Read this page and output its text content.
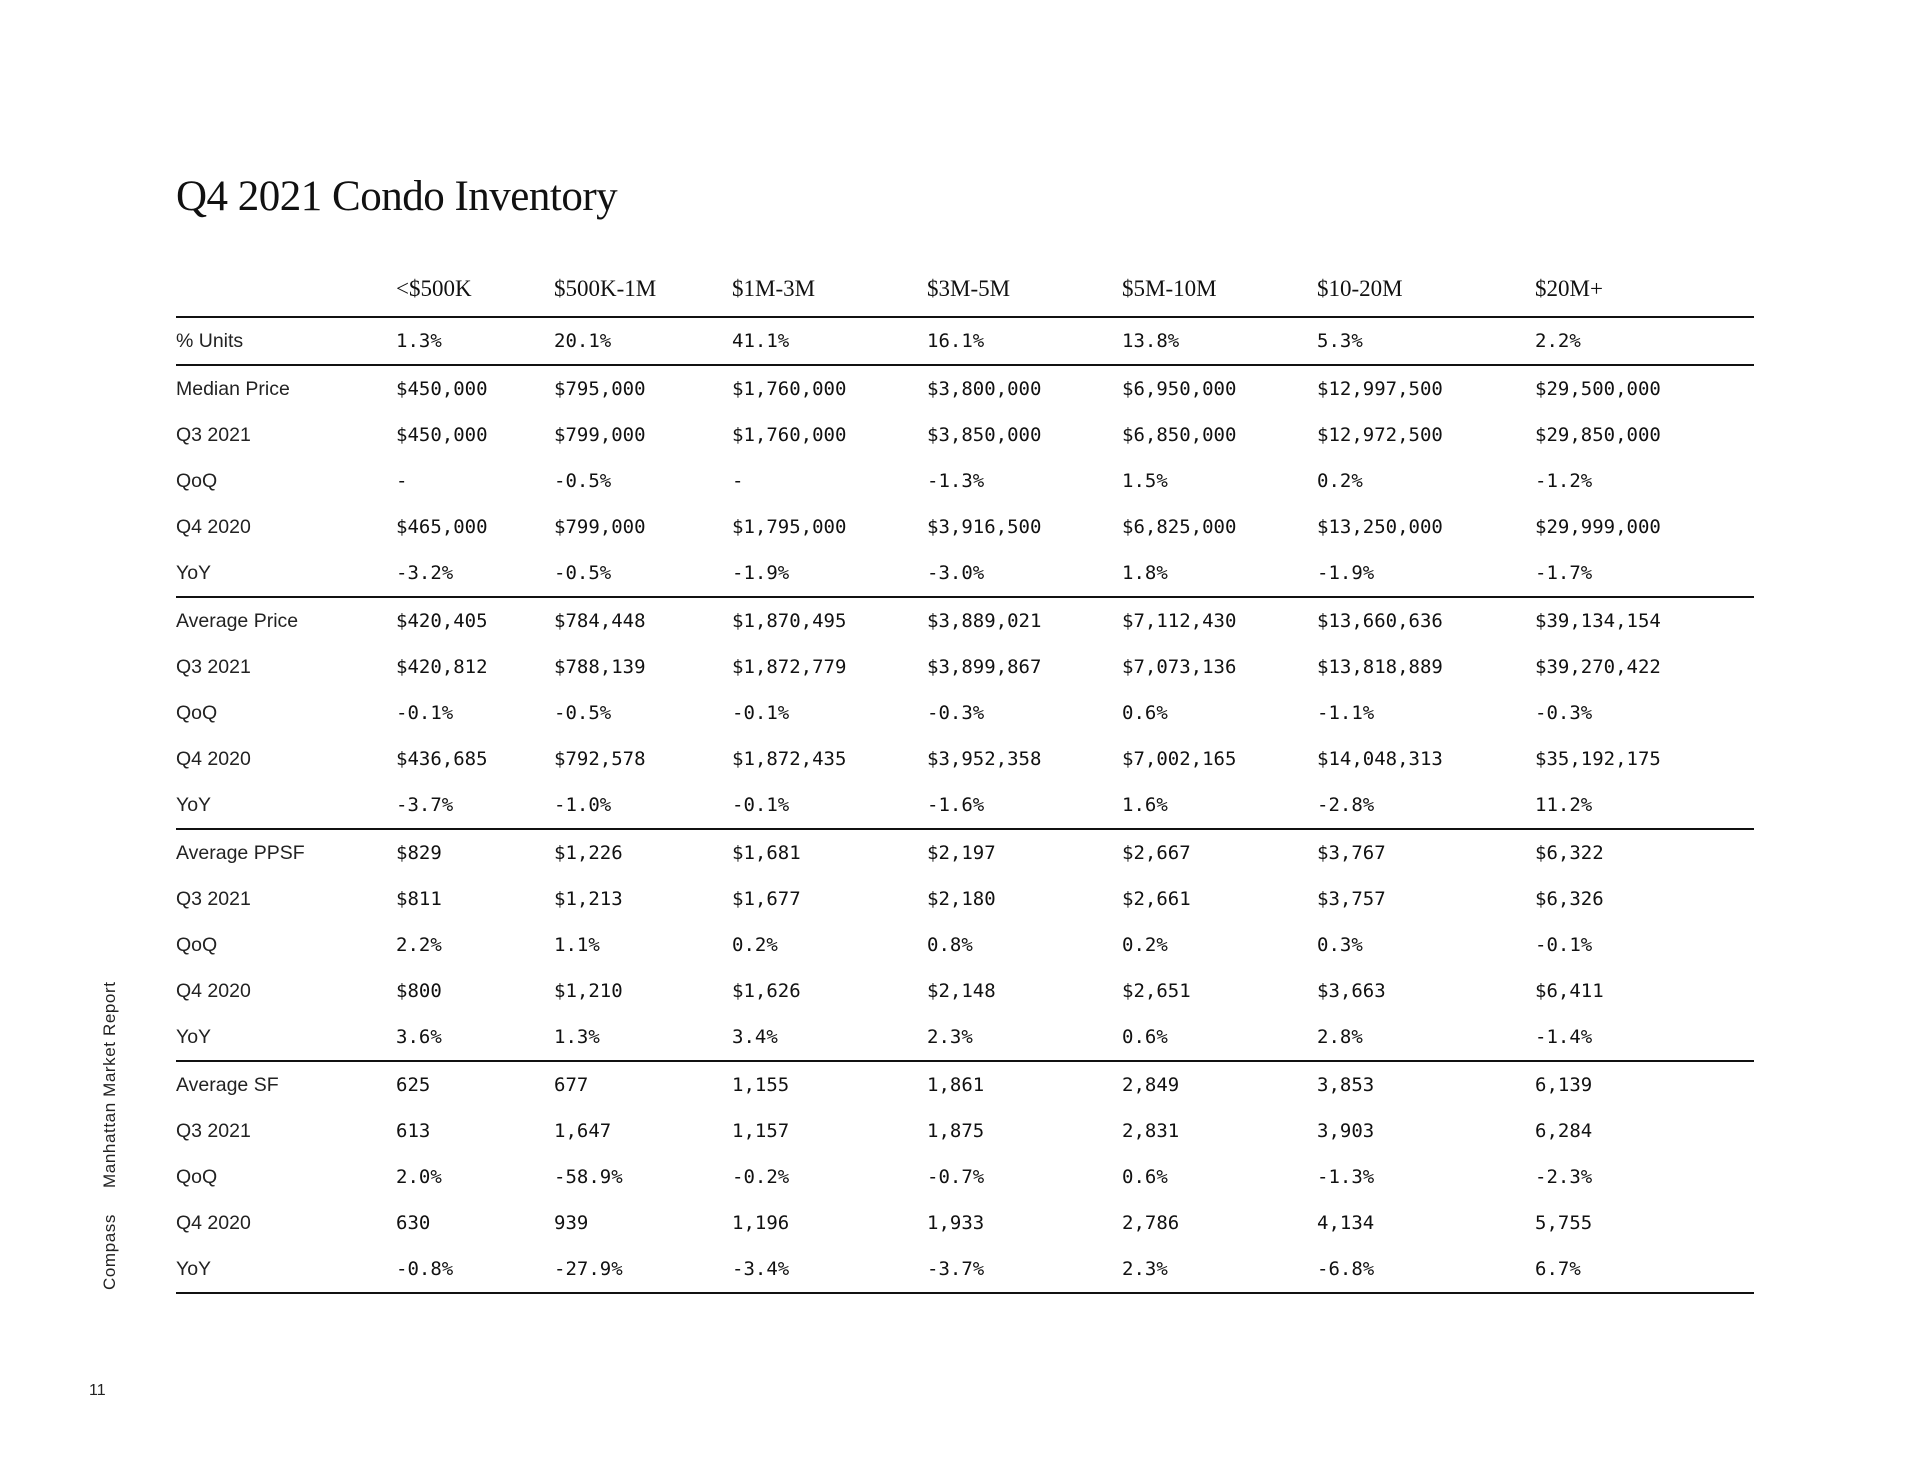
Q4 2021 Condo Inventory
CompassManhattan Market Report
11
	<$500K	$500K-1M	$1M-3M	$3M-5M	$5M-10M	$10-20M	$20M+
% Units	1.3%	20.1%	41.1%	16.1%	13.8%	5.3%	2.2%
Median Price	$450,000	$795,000	$1,760,000	$3,800,000	$6,950,000	$12,997,500	$29,500,000
Q3 2021	$450,000	$799,000	$1,760,000	$3,850,000	$6,850,000	$12,972,500	$29,850,000
QoQ	-	-0.5%	-	-1.3%	1.5%	0.2%	-1.2%
Q4 2020	$465,000	$799,000	$1,795,000	$3,916,500	$6,825,000	$13,250,000	$29,999,000
YoY	-3.2%	-0.5%	-1.9%	-3.0%	1.8%	-1.9%	-1.7%
Average Price	$420,405	$784,448	$1,870,495	$3,889,021	$7,112,430	$13,660,636	$39,134,154
Q3 2021	$420,812	$788,139	$1,872,779	$3,899,867	$7,073,136	$13,818,889	$39,270,422
QoQ	-0.1%	-0.5%	-0.1%	-0.3%	0.6%	-1.1%	-0.3%
Q4 2020	$436,685	$792,578	$1,872,435	$3,952,358	$7,002,165	$14,048,313	$35,192,175
YoY	-3.7%	-1.0%	-0.1%	-1.6%	1.6%	-2.8%	11.2%
Average PPSF	$829	$1,226	$1,681	$2,197	$2,667	$3,767	$6,322
Q3 2021	$811	$1,213	$1,677	$2,180	$2,661	$3,757	$6,326
QoQ	2.2%	1.1%	0.2%	0.8%	0.2%	0.3%	-0.1%
Q4 2020	$800	$1,210	$1,626	$2,148	$2,651	$3,663	$6,411
YoY	3.6%	1.3%	3.4%	2.3%	0.6%	2.8%	-1.4%
Average SF	625	677	1,155	1,861	2,849	3,853	6,139
Q3 2021	613	1,647	1,157	1,875	2,831	3,903	6,284
QoQ	2.0%	-58.9%	-0.2%	-0.7%	0.6%	-1.3%	-2.3%
Q4 2020	630	939	1,196	1,933	2,786	4,134	5,755
YoY	-0.8%	-27.9%	-3.4%	-3.7%	2.3%	-6.8%	6.7%
